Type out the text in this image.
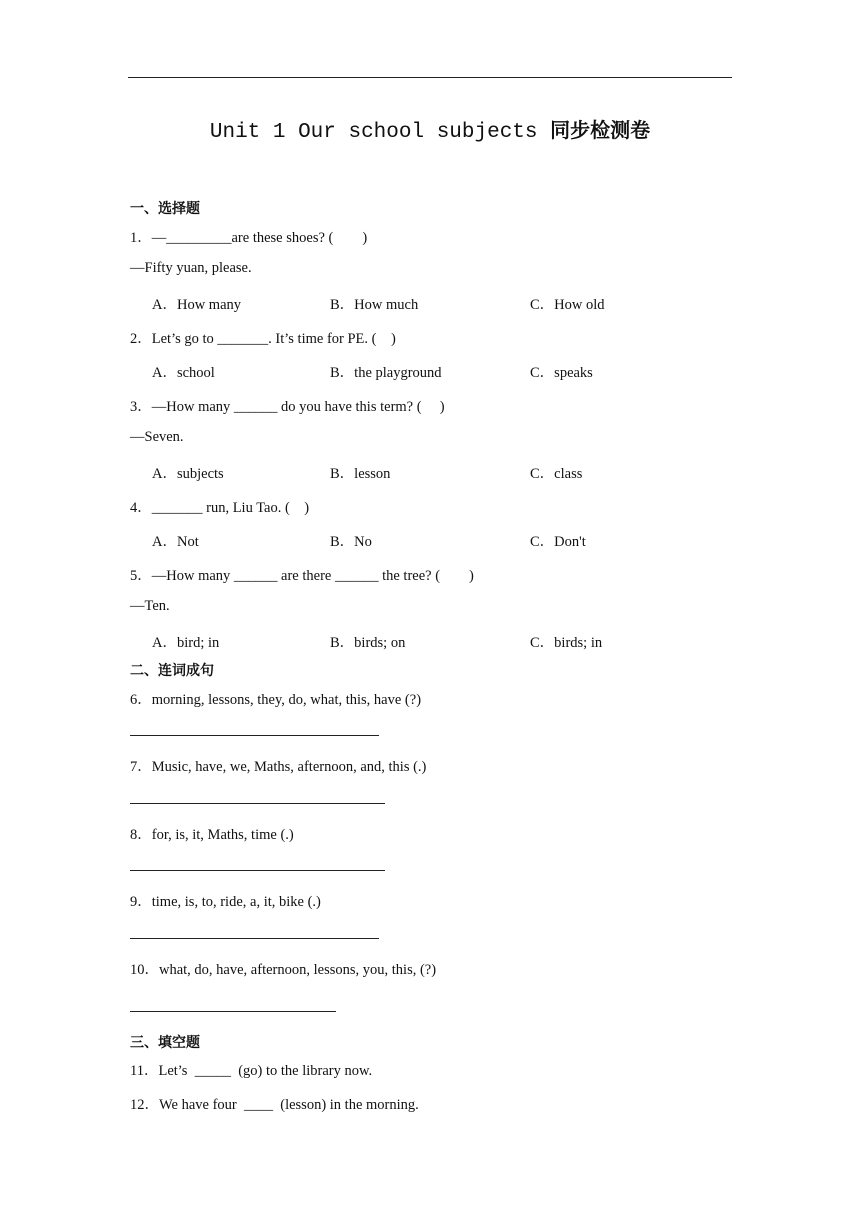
Unit 1 Our school subjects 同步检测卷
一、选择题
1．—_________are these shoes? (　　)
—Fifty yuan, please.
A．How many	B．How much	C．How old
2．Let’s go to _______. It’s time for PE. (　)
A．school	B．the playground	C．speaks
3．—How many ______ do you have this term? (　 )
—Seven.
A．subjects	B．lesson	C．class
4．_______ run, Liu Tao. (　)
A．Not	B．No	C．Don't
5．—How many ______ are there ______ the tree? (　　)
—Ten.
A．bird; in	B．birds; on	C．birds; in
二、连词成句
6．morning, lessons, they, do, what, this, have (?)
7．Music, have, we, Maths, afternoon, and, this (.)
8．for, is, it, Maths, time (.)
9．time, is, to, ride, a, it, bike (.)
10．what, do, have, afternoon, lessons, you, this, (?)
三、填空题
11．Let’s  _____  (go) to the library now.
12．We have four  ____  (lesson) in the morning.
